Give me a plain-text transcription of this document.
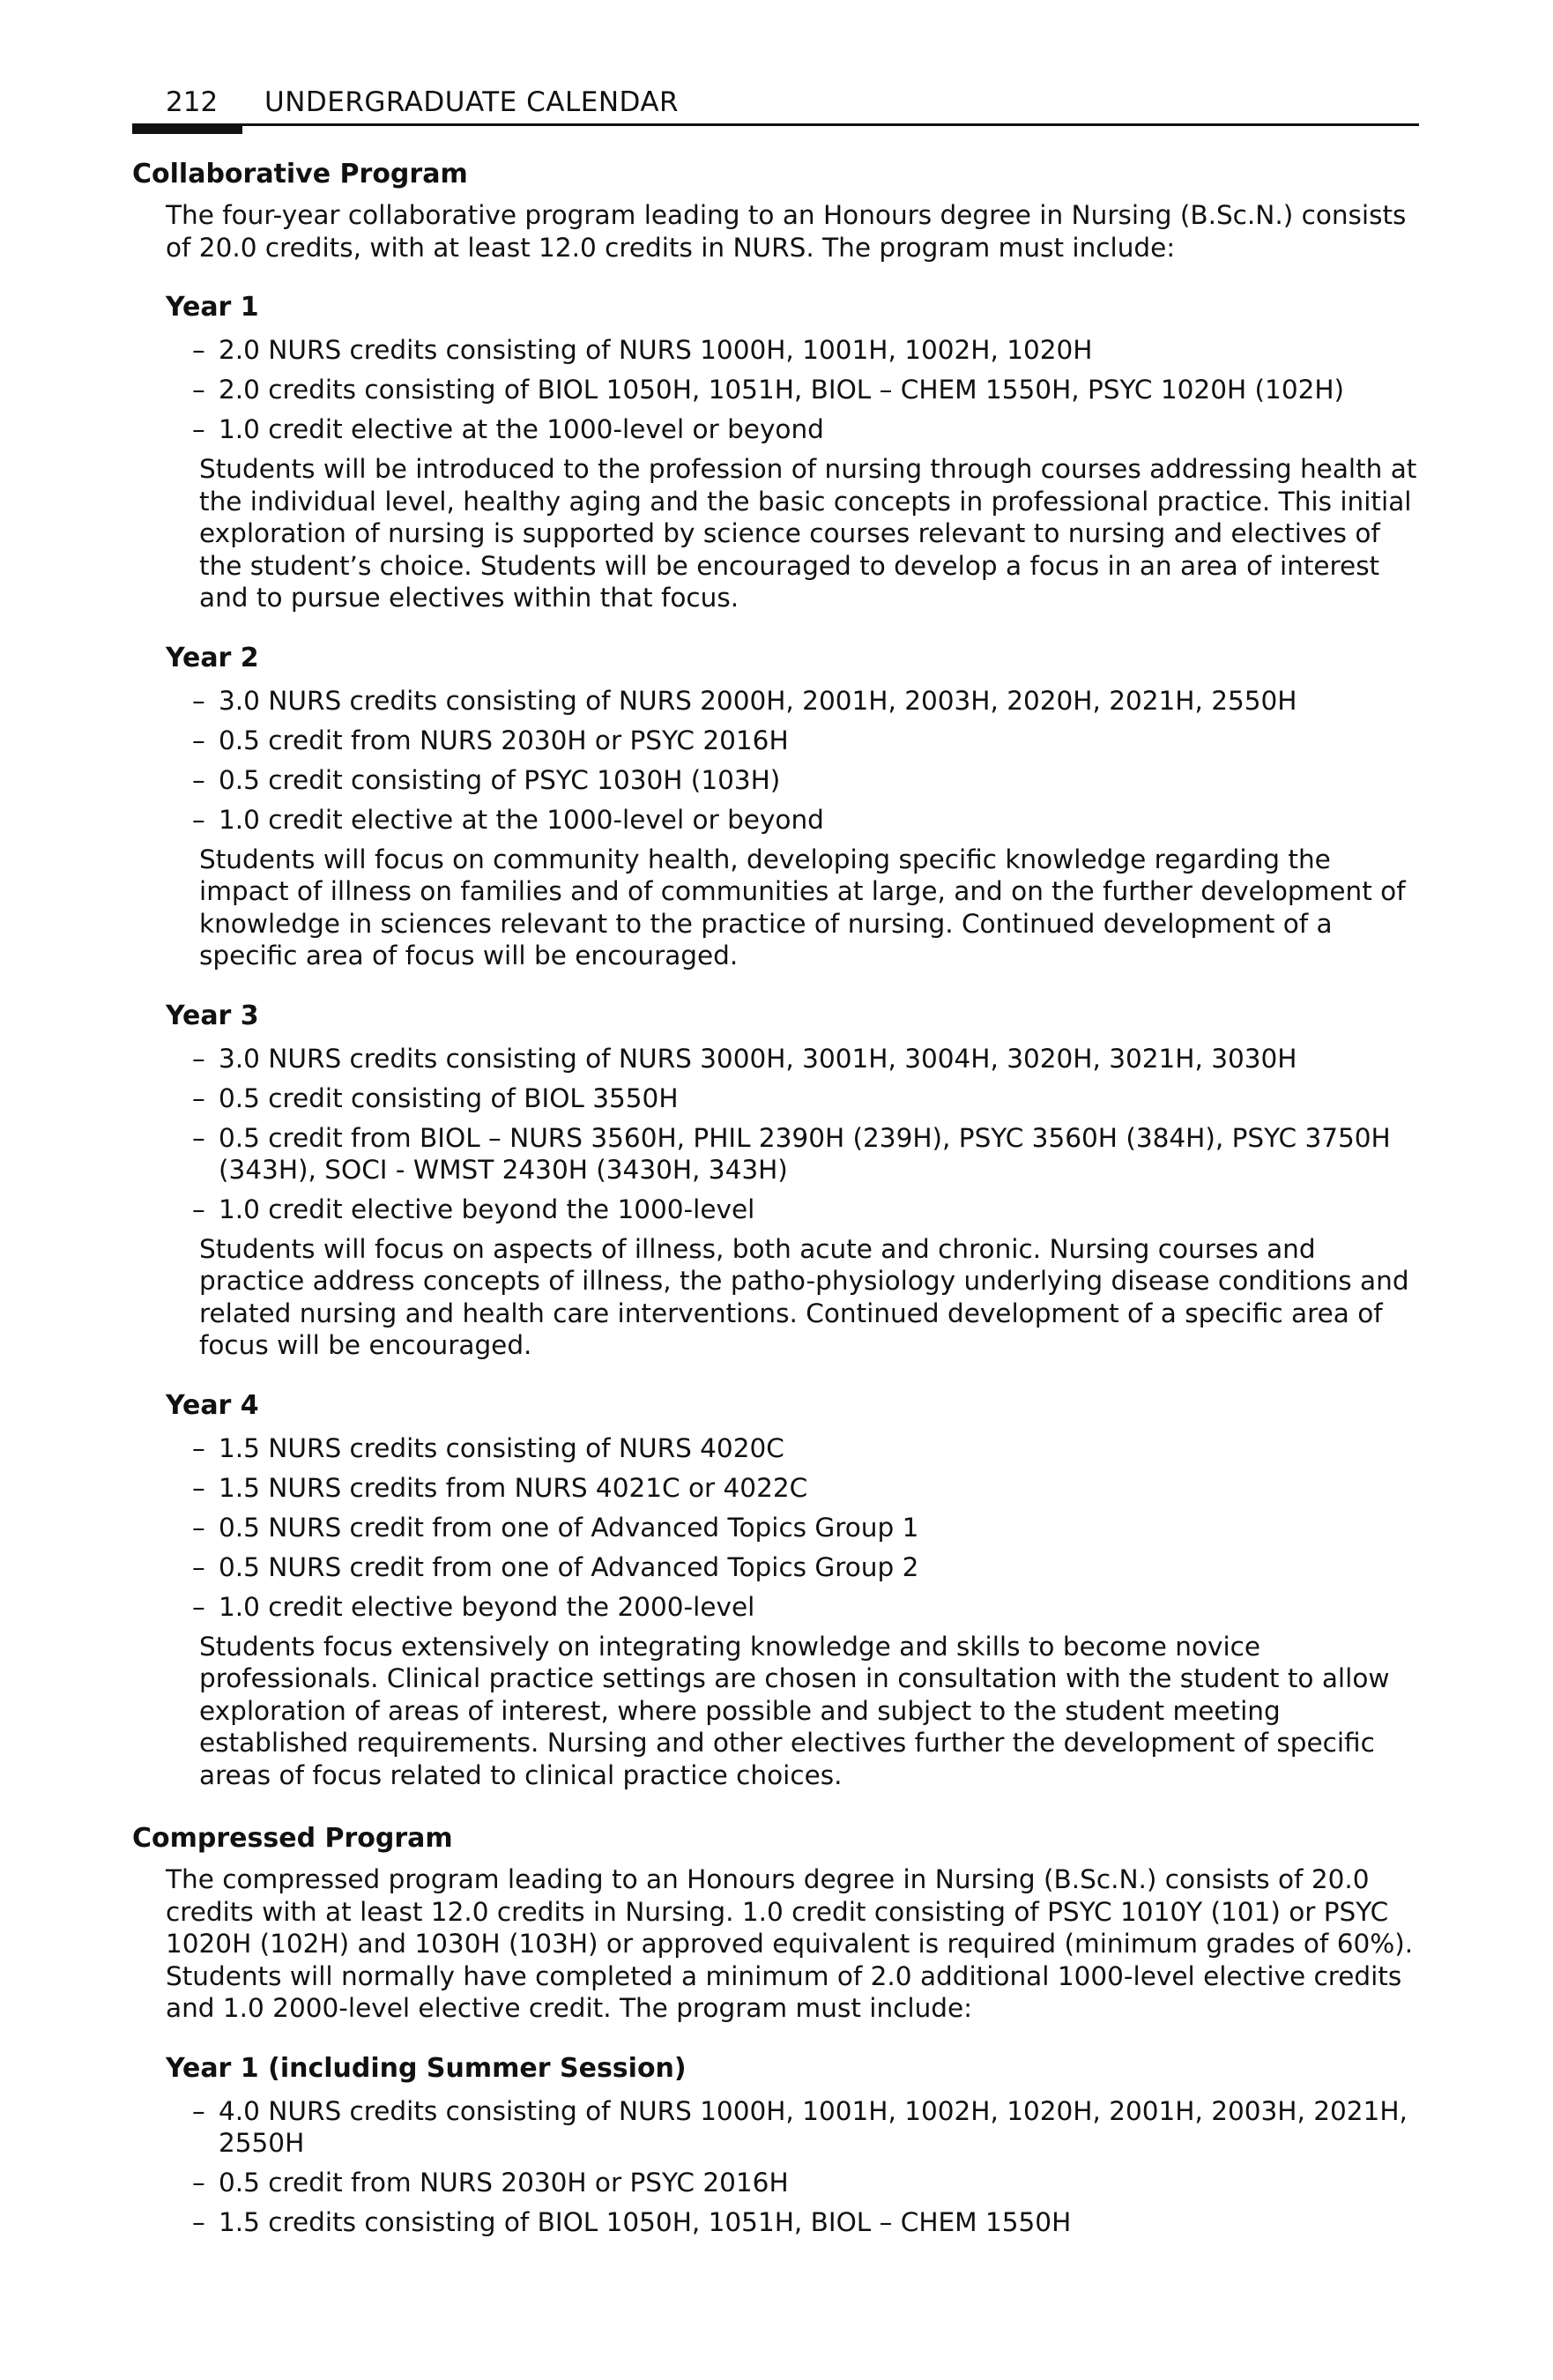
212 UNDERGRADUATE CALENDAR
Collaborative Program

The four-year collaborative program leading to an Honours degree in Nursing (B.Sc.N.) consists of 20.0 credits, with at least 12.0 credits in NURS. The program must include:

Year 1
– 2.0 NURS credits consisting of NURS 1000H, 1001H, 1002H, 1020H
– 2.0 credits consisting of BIOL 1050H, 1051H, BIOL – CHEM 1550H, PSYC 1020H (102H)
– 1.0 credit elective at the 1000-level or beyond

Students will be introduced to the profession of nursing through courses addressing health at the individual level, healthy aging and the basic concepts in professional practice. This initial exploration of nursing is supported by science courses relevant to nursing and electives of the student’s choice. Students will be encouraged to develop a focus in an area of interest and to pursue electives within that focus.

Year 2
– 3.0 NURS credits consisting of NURS 2000H, 2001H, 2003H, 2020H, 2021H, 2550H
– 0.5 credit from NURS 2030H or PSYC 2016H
– 0.5 credit consisting of PSYC 1030H (103H)
– 1.0 credit elective at the 1000-level or beyond

Students will focus on community health, developing specific knowledge regarding the impact of illness on families and of communities at large, and on the further development of knowledge in sciences relevant to the practice of nursing. Continued development of a specific area of focus will be encouraged.

Year 3
– 3.0 NURS credits consisting of NURS 3000H, 3001H, 3004H, 3020H, 3021H, 3030H
– 0.5 credit consisting of BIOL 3550H
– 0.5 credit from BIOL – NURS 3560H, PHIL 2390H (239H), PSYC 3560H (384H), PSYC 3750H (343H), SOCI - WMST 2430H (3430H, 343H)
– 1.0 credit elective beyond the 1000-level

Students will focus on aspects of illness, both acute and chronic. Nursing courses and practice address concepts of illness, the patho-physiology underlying disease conditions and related nursing and health care interventions. Continued development of a specific area of focus will be encouraged.

Year 4
– 1.5 NURS credits consisting of NURS 4020C
– 1.5 NURS credits from NURS 4021C or 4022C
– 0.5 NURS credit from one of Advanced Topics Group 1
– 0.5 NURS credit from one of Advanced Topics Group 2
– 1.0 credit elective beyond the 2000-level

Students focus extensively on integrating knowledge and skills to become novice professionals. Clinical practice settings are chosen in consultation with the student to allow exploration of areas of interest, where possible and subject to the student meeting established requirements. Nursing and other electives further the development of specific areas of focus related to clinical practice choices.

Compressed Program

The compressed program leading to an Honours degree in Nursing (B.Sc.N.) consists of 20.0 credits with at least 12.0 credits in Nursing. 1.0 credit consisting of PSYC 1010Y (101) or PSYC 1020H (102H) and 1030H (103H) or approved equivalent is required (minimum grades of 60%). Students will normally have completed a minimum of 2.0 additional 1000-level elective credits and 1.0 2000-level elective credit. The program must include:

Year 1 (including Summer Session)
– 4.0 NURS credits consisting of NURS 1000H, 1001H, 1002H, 1020H, 2001H, 2003H, 2021H, 2550H
– 0.5 credit from NURS 2030H or PSYC 2016H
– 1.5 credits consisting of BIOL 1050H, 1051H, BIOL – CHEM 1550H
